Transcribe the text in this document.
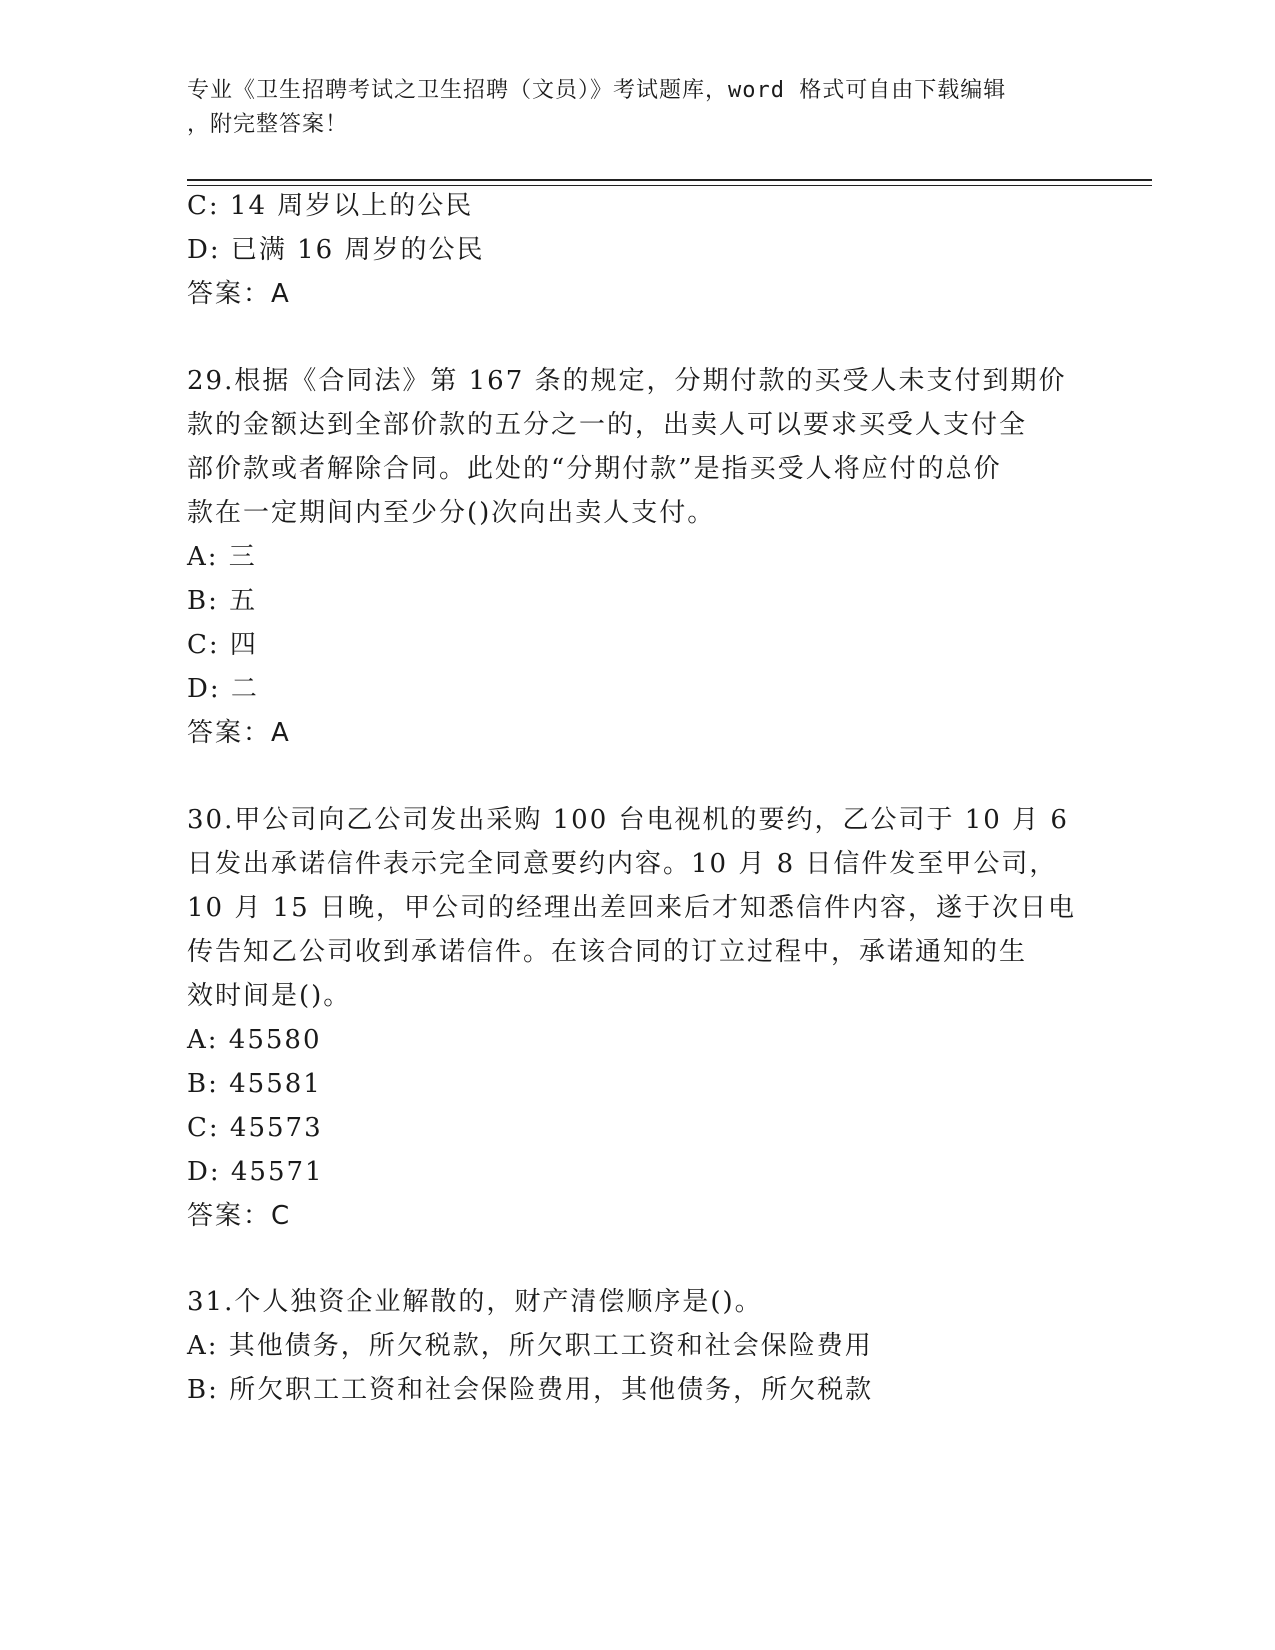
专业《卫生招聘考试之卫生招聘（文员）》考试题库，word 格式可自由下载编辑
，附完整答案！
C: 14 周岁以上的公民
D: 已满 16 周岁的公民
答案：A
29.根据《合同法》第 167 条的规定，分期付款的买受人未支付到期价
款的金额达到全部价款的五分之一的，出卖人可以要求买受人支付全
部价款或者解除合同。此处的“分期付款”是指买受人将应付的总价
款在一定期间内至少分()次向出卖人支付。
A: 三
B: 五
C: 四
D: 二
答案：A
30.甲公司向乙公司发出采购 100 台电视机的要约，乙公司于 10 月 6
日发出承诺信件表示完全同意要约内容。10 月 8 日信件发至甲公司，
10 月 15 日晚，甲公司的经理出差回来后才知悉信件内容，遂于次日电
传告知乙公司收到承诺信件。在该合同的订立过程中，承诺通知的生
效时间是()。
A: 45580
B: 45581
C: 45573
D: 45571
答案：C
31.个人独资企业解散的，财产清偿顺序是()。
A: 其他债务，所欠税款，所欠职工工资和社会保险费用
B: 所欠职工工资和社会保险费用，其他债务，所欠税款
